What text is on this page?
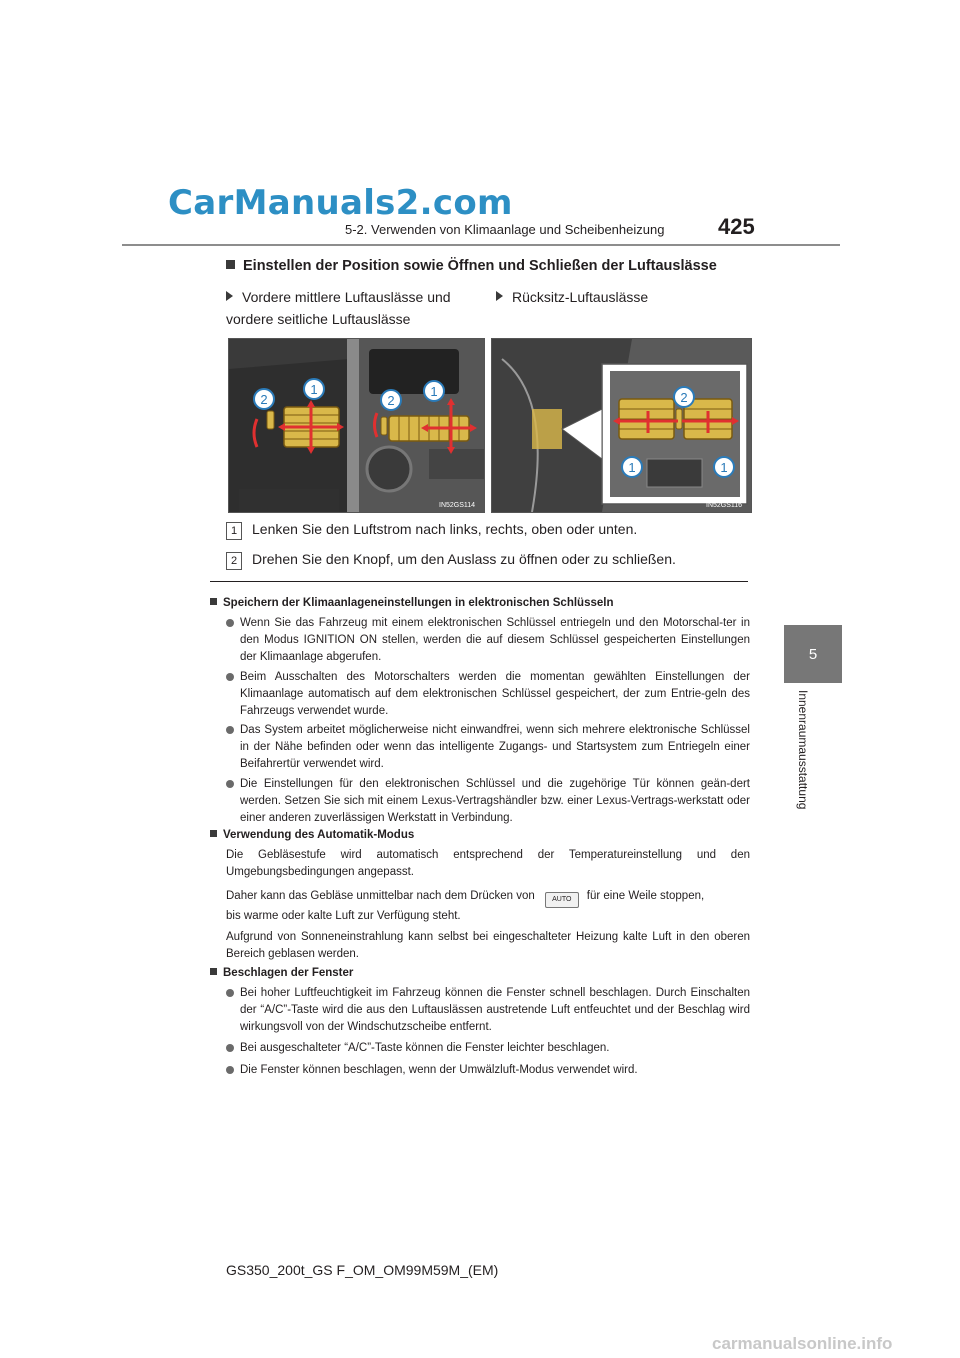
CarManuals2.com
425
5-2. Verwenden von Klimaanlage und Scheibenheizung
5
Innenraumausstattung
Einstellen der Position sowie Öffnen und Schließen der Luftauslässe
Vordere mittlere Luftauslässe und vordere seitliche Luftauslässe
Rücksitz-Luftauslässe
2
1
2
1
IN52GS114
2
1	1
IN52GS116
1 Lenken Sie den Luftstrom nach links, rechts, oben oder unten.
2 Drehen Sie den Knopf, um den Auslass zu öffnen oder zu schließen.
Speichern der Klimaanlageneinstellungen in elektronischen Schlüsseln
Wenn Sie das Fahrzeug mit einem elektronischen Schlüssel entriegeln und den Motorschal-ter in den Modus IGNITION ON stellen, werden die auf diesem Schlüssel gespeicherten Einstellungen der Klimaanlage abgerufen.
Beim Ausschalten des Motorschalters werden die momentan gewählten Einstellungen der Klimaanlage automatisch auf dem elektronischen Schlüssel gespeichert, der zum Entrie-geln des Fahrzeugs verwendet wurde.
Das System arbeitet möglicherweise nicht einwandfrei, wenn sich mehrere elektronische Schlüssel in der Nähe befinden oder wenn das intelligente Zugangs- und Startsystem zum Entriegeln einer Beifahrertür verwendet wird.
Die Einstellungen für den elektronischen Schlüssel und die zugehörige Tür können geän-dert werden. Setzen Sie sich mit einem Lexus-Vertragshändler bzw. einer Lexus-Vertrags-werkstatt oder einer anderen zuverlässigen Werkstatt in Verbindung.
Verwendung des Automatik-Modus
Die Gebläsestufe wird automatisch entsprechend der Temperatureinstellung und den Umgebungsbedingungen angepasst.
Daher kann das Gebläse unmittelbar nach dem Drücken von AUTO für eine Weile stoppen,
bis warme oder kalte Luft zur Verfügung steht.
Aufgrund von Sonneneinstrahlung kann selbst bei eingeschalteter Heizung kalte Luft in den oberen Bereich geblasen werden.
Beschlagen der Fenster
Bei hoher Luftfeuchtigkeit im Fahrzeug können die Fenster schnell beschlagen. Durch Einschalten der “A/C”-Taste wird die aus den Luftauslässen austretende Luft entfeuchtet und der Beschlag wird wirkungsvoll von der Windschutzscheibe entfernt.
Bei ausgeschalteter “A/C”-Taste können die Fenster leichter beschlagen.
Die Fenster können beschlagen, wenn der Umwälzluft-Modus verwendet wird.
GS350_200t_GS F_OM_OM99M59M_(EM)
carmanualsonline.info
